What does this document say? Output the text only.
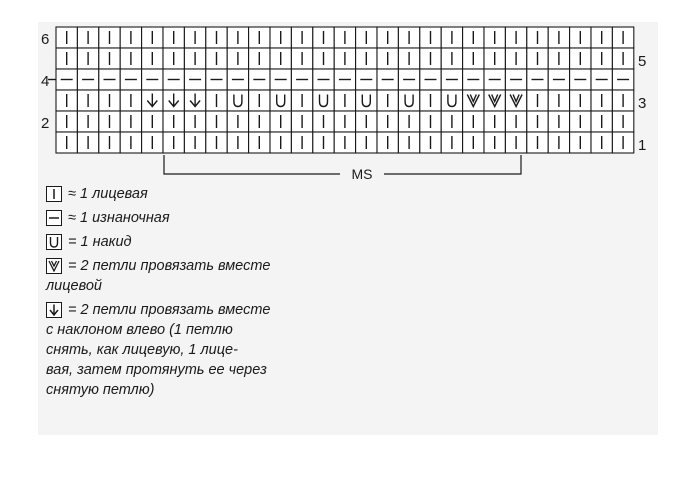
6
4
2
5
3
1
MS
≈ 1 лицевая
≈ 1 изнаночная
= 1 накид
= 2 петли провязать вместе
лицевой
= 2 петли провязать вместе
с наклоном влево (1 петлю
снять, как лицевую, 1 лице-
вая, затем протянуть ее через
снятую петлю)
